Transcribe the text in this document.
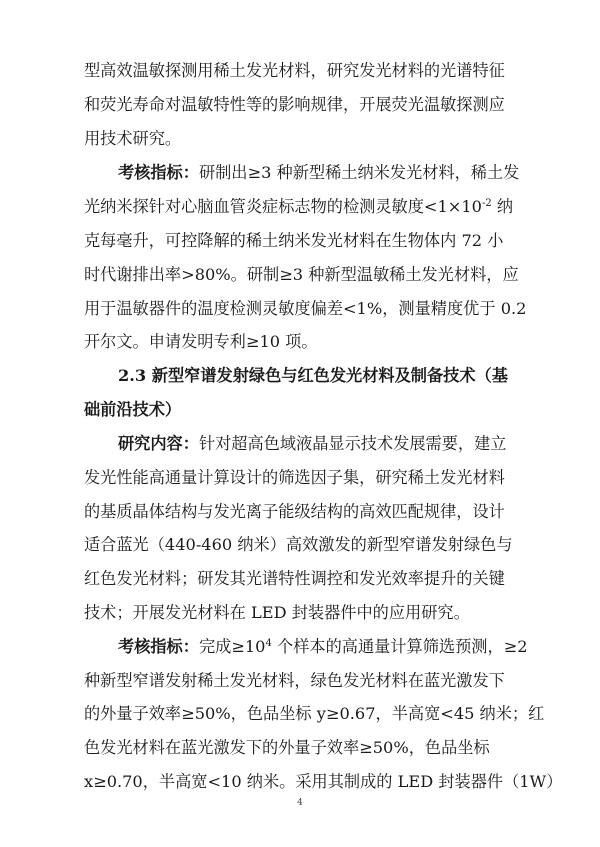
型高效温敏探测用稀土发光材料，研究发光材料的光谱特征
和荧光寿命对温敏特性等的影响规律，开展荧光温敏探测应
用技术研究。
考核指标：研制出≥3 种新型稀土纳米发光材料，稀土发
光纳米探针对心脑血管炎症标志物的检测灵敏度$<1\times 10^{-2}$ 纳
克每毫升，可控降解的稀土纳米发光材料在生物体内 72 小
时代谢排出率>80%。研制≥3 种新型温敏稀土发光材料，应
用于温敏器件的温度检测灵敏度偏差<1%，测量精度优于 0.2
开尔文。申请发明专利≥10 项。
2.3 新型窄谱发射绿色与红色发光材料及制备技术（基
础前沿技术）
研究内容：针对超高色域液晶显示技术发展需要，建立
发光性能高通量计算设计的筛选因子集，研究稀土发光材料
的基质晶体结构与发光离子能级结构的高效匹配规律，设计
适合蓝光（440-460 纳米）高效激发的新型窄谱发射绿色与
红色发光材料；研发其光谱特性调控和发光效率提升的关键
技术；开展发光材料在 LED 封装器件中的应用研究。
考核指标：完成$\ge 10^4$ 个样本的高通量计算筛选预测，≥2
种新型窄谱发射稀土发光材料，绿色发光材料在蓝光激发下
的外量子效率≥50%，色品坐标 y≥0.67，半高宽<45 纳米；红
色发光材料在蓝光激发下的外量子效率≥50%，色品坐标
x≥0.70，半高宽<10 纳米。采用其制成的 LED 封装器件（1W）
4
